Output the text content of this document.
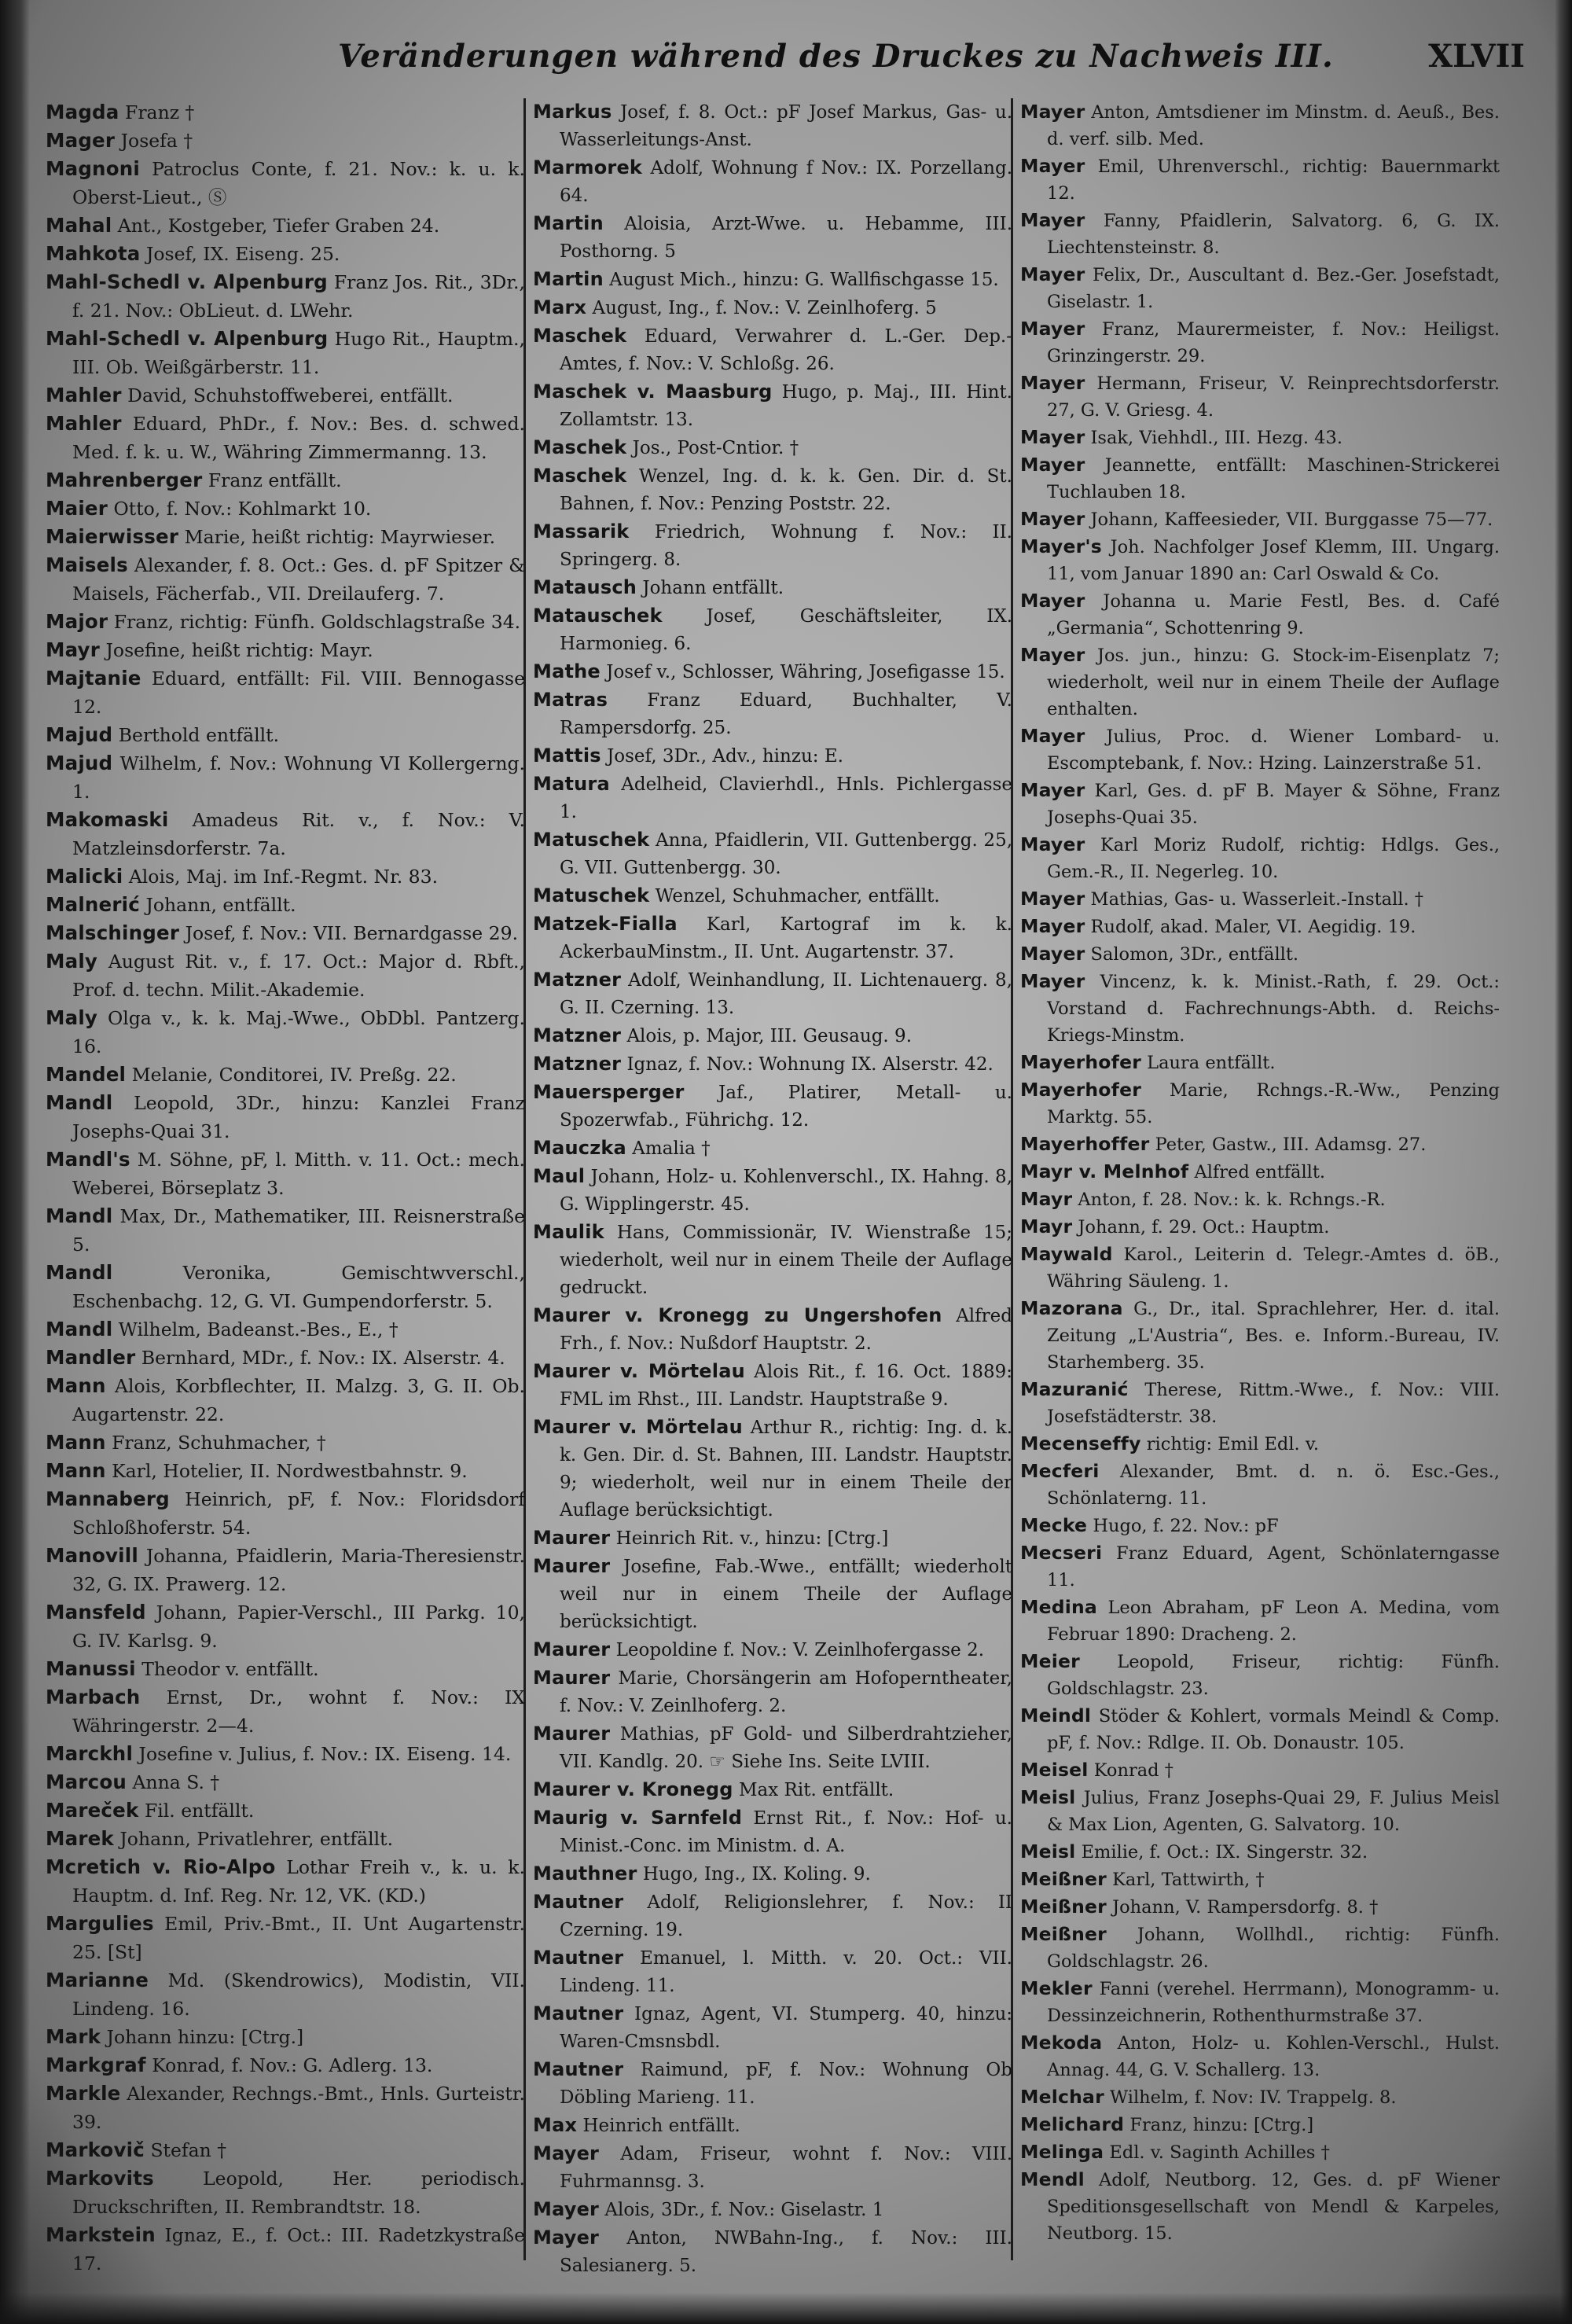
Veränderungen während des Druckes zu Nachweis III.	XLVII

Magda Franz †

Mager Josefa †

Magnoni Patroclus Conte, f. 21. Nov.: k. u. k. Oberst-Lieut., Ⓢ

Mahal Ant., Kostgeber, Tiefer Graben 24.

Mahkota Josef, IX. Eiseng. 25.

Mahl-Schedl v. Alpenburg Franz Jos. Rit., 3Dr., f. 21. Nov.: ObLieut. d. LWehr.

Mahl-Schedl v. Alpenburg Hugo Rit., Hauptm., III. Ob. Weißgärberstr. 11.

Mahler David, Schuhstoffweberei, entfällt.

Mahler Eduard, PhDr., f. Nov.: Bes. d. schwed. Med. f. k. u. W., Währing Zimmermanng. 13.

Mahrenberger Franz entfällt.

Maier Otto, f. Nov.: Kohlmarkt 10.

Maierwisser Marie, heißt richtig: Mayrwieser.

Maisels Alexander, f. 8. Oct.: Ges. d. pF Spitzer & Maisels, Fächerfab., VII. Dreilauferg. 7.

Major Franz, richtig: Fünfh. Goldschlagstraße 34.

Mayr Josefine, heißt richtig: Mayr.

Majtanie Eduard, entfällt: Fil. VIII. Bennogasse 12.

Majud Berthold entfällt.

Majud Wilhelm, f. Nov.: Wohnung VI Kollergerng. 1.

Makomaski Amadeus Rit. v., f. Nov.: V. Matzleinsdorferstr. 7a.

Malicki Alois, Maj. im Inf.-Regmt. Nr. 83.

Malnerić Johann, entfällt.

Malschinger Josef, f. Nov.: VII. Bernardgasse 29.

Maly August Rit. v., f. 17. Oct.: Major d. Rbft., Prof. d. techn. Milit.-Akademie.

Maly Olga v., k. k. Maj.-Wwe., ObDbl. Pantzerg. 16.

Mandel Melanie, Conditorei, IV. Preßg. 22.

Mandl Leopold, 3Dr., hinzu: Kanzlei Franz Josephs-Quai 31.

Mandl's M. Söhne, pF, l. Mitth. v. 11. Oct.: mech. Weberei, Börseplatz 3.

Mandl Max, Dr., Mathematiker, III. Reisnerstraße 5.

Mandl	Veronika, Gemischtwverschl., Eschenbachg. 12, G. VI. Gumpendorferstr. 5.

Mandl Wilhelm, Badeanst.-Bes., E., †

Mandler Bernhard, MDr., f. Nov.: IX. Alserstr. 4.

Mann Alois, Korbflechter, II. Malzg. 3, G. II. Ob. Augartenstr. 22.

Mann Franz, Schuhmacher, †

Mann Karl, Hotelier, II. Nordwestbahnstr. 9.

Mannaberg Heinrich, pF, f. Nov.: Floridsdorf Schloßhoferstr. 54.

Manovill Johanna, Pfaidlerin, Maria-Theresienstr. 32, G. IX. Prawerg. 12.

Mansfeld Johann, Papier-Verschl., III Parkg. 10, G. IV. Karlsg. 9.

Manussi Theodor v. entfällt.

Marbach Ernst, Dr., wohnt f. Nov.: IX Währingerstr. 2—4.

Marckhl Josefine v. Julius, f. Nov.: IX. Eiseng. 14.

Marcou Anna S. †

Mareček Fil. entfällt.

Marek Johann, Privatlehrer, entfällt.

Mcretich v. Rio-Alpo Lothar Freih v., k. u. k. Hauptm. d. Inf. Reg. Nr. 12, VK. (KD.)

Margulies Emil, Priv.-Bmt., II. Unt Augartenstr. 25. [St]

Marianne Md. (Skendrowics), Modistin, VII. Lindeng. 16.

Mark Johann hinzu: [Ctrg.]

Markgraf Konrad, f. Nov.: G. Adlerg. 13.

Markle Alexander, Rechngs.-Bmt., Hnls. Gurteistr. 39.

Markovič Stefan †

Markovits	Leopold, Her. periodisch. Druckschriften, II. Rembrandtstr. 18.

Markstein Ignaz, E., f. Oct.: III. Radetzkystraße 17.

Markus Josef, f. 8. Oct.: pF Josef Markus, Gas- u. Wasserleitungs-Anst.

Marmorek Adolf, Wohnung f Nov.: IX. Porzellang. 64.

Martin Aloisia, Arzt-Wwe. u. Hebamme, III. Posthorng. 5

Martin August Mich., hinzu: G. Wallfischgasse 15.

Marx August, Ing., f. Nov.: V. Zeinlhoferg. 5

Maschek Eduard, Verwahrer d. L.-Ger. Dep.-Amtes, f. Nov.: V. Schloßg. 26.

Maschek v. Maasburg Hugo, p. Maj., III. Hint. Zollamtstr. 13.

Maschek Jos., Post-Cntior. †

Maschek Wenzel, Ing. d. k. k. Gen. Dir. d. St. Bahnen, f. Nov.: Penzing Poststr. 22.

Massarik Friedrich, Wohnung f. Nov.: II. Springerg. 8.

Matausch Johann entfällt.

Matauschek Josef, Geschäftsleiter, IX. Harmonieg. 6.

Mathe Josef v., Schlosser, Währing, Josefigasse 15.

Matras Franz Eduard, Buchhalter, V. Rampersdorfg. 25.

Mattis Josef, 3Dr., Adv., hinzu: E.

Matura Adelheid, Clavierhdl., Hnls. Pichlergasse 1.

Matuschek Anna, Pfaidlerin, VII. Guttenbergg. 25, G. VII. Guttenbergg. 30.

Matuschek Wenzel, Schuhmacher, entfällt.

Matzek-Fialla Karl, Kartograf im k. k. AckerbauMinstm., II. Unt. Augartenstr. 37.

Matzner Adolf, Weinhandlung, II. Lichtenauerg. 8, G. II. Czerning. 13.

Matzner Alois, p. Major, III. Geusaug. 9.

Matzner Ignaz, f. Nov.: Wohnung IX. Alserstr. 42.

Mauersperger Jaf., Platirer, Metall- u. Spozerwfab., Führichg. 12.

Mauczka Amalia †

Maul Johann, Holz- u. Kohlenverschl., IX. Hahng. 8, G. Wipplingerstr. 45.

Maulik Hans, Commissionär, IV. Wienstraße 15; wiederholt, weil nur in einem Theile der Auflage gedruckt.

Maurer v. Kronegg zu Ungershofen Alfred Frh., f. Nov.: Nußdorf Hauptstr. 2.

Maurer v. Mörtelau Alois Rit., f. 16. Oct. 1889: FML im Rhst., III. Landstr. Hauptstraße 9.

Maurer v. Mörtelau Arthur R., richtig: Ing. d. k. k. Gen. Dir. d. St. Bahnen, III. Landstr. Hauptstr. 9; wiederholt, weil nur in einem Theile der Auflage berücksichtigt.

Maurer Heinrich Rit. v., hinzu: [Ctrg.]

Maurer Josefine, Fab.-Wwe., entfällt; wiederholt weil nur in einem Theile der Auflage berücksichtigt.

Maurer Leopoldine f. Nov.: V. Zeinlhofergasse 2.

Maurer Marie, Chorsängerin am Hofoperntheater, f. Nov.: V. Zeinlhoferg. 2.

Maurer Mathias, pF Gold- und Silberdrahtzieher, VII. Kandlg. 20. ☞ Siehe Ins. Seite LVIII.

Maurer v. Kronegg Max Rit. entfällt.

Maurig v. Sarnfeld Ernst Rit., f. Nov.: Hof- u. Minist.-Conc. im Ministm. d. A.

Mauthner Hugo, Ing., IX. Koling. 9.

Mautner Adolf, Religionslehrer, f. Nov.: II Czerning. 19.

Mautner Emanuel, l. Mitth. v. 20. Oct.: VII. Lindeng. 11.

Mautner Ignaz, Agent, VI. Stumperg. 40, hinzu: Waren-Cmsnsbdl.

Mautner Raimund, pF, f. Nov.: Wohnung Ob Döbling Marieng. 11.

Max Heinrich entfällt.

Mayer Adam, Friseur, wohnt f. Nov.: VIII. Fuhrmannsg. 3.

Mayer Alois, 3Dr., f. Nov.: Giselastr. 1

Mayer Anton, NWBahn-Ing., f. Nov.: III. Salesianerg. 5.

Mayer Anton, Amtsdiener im Minstm. d. Aeuß., Bes. d. verf. silb. Med.

Mayer Emil, Uhrenverschl., richtig: Bauernmarkt 12.

Mayer Fanny, Pfaidlerin, Salvatorg. 6, G. IX. Liechtensteinstr. 8.

Mayer Felix, Dr., Auscultant d. Bez.-Ger. Josefstadt, Giselastr. 1.

Mayer Franz, Maurermeister, f. Nov.: Heiligst. Grinzingerstr. 29.

Mayer Hermann, Friseur, V. Reinprechtsdorferstr. 27, G. V. Griesg. 4.

Mayer Isak, Viehhdl., III. Hezg. 43.

Mayer Jeannette, entfällt: Maschinen-Strickerei Tuchlauben 18.

Mayer Johann, Kaffeesieder, VII. Burggasse 75—77.

Mayer's Joh. Nachfolger Josef Klemm, III. Ungarg. 11, vom Januar 1890 an: Carl Oswald & Co.

Mayer Johanna u. Marie Festl, Bes. d. Café „Germania“, Schottenring 9.

Mayer Jos. jun., hinzu: G. Stock-im-Eisenplatz 7; wiederholt, weil nur in einem Theile der Auflage enthalten.

Mayer Julius, Proc. d. Wiener Lombard- u. Escomptebank, f. Nov.: Hzing. Lainzerstraße 51.

Mayer Karl, Ges. d. pF B. Mayer & Söhne, Franz Josephs-Quai 35.

Mayer Karl Moriz Rudolf, richtig: Hdlgs. Ges., Gem.-R., II. Negerleg. 10.

Mayer Mathias, Gas- u. Wasserleit.-Install. †

Mayer Rudolf, akad. Maler, VI. Aegidig. 19.

Mayer Salomon, 3Dr., entfällt.

Mayer Vincenz, k. k. Minist.-Rath, f. 29. Oct.: Vorstand d. Fachrechnungs-Abth. d. Reichs-Kriegs-Minstm.

Mayerhofer Laura entfällt.

Mayerhofer Marie, Rchngs.-R.-Ww., Penzing Marktg. 55.

Mayerhoffer Peter, Gastw., III. Adamsg. 27.

Mayr v. Melnhof Alfred entfällt.

Mayr Anton, f. 28. Nov.: k. k. Rchngs.-R.

Mayr Johann, f. 29. Oct.: Hauptm.

Maywald Karol., Leiterin d. Telegr.-Amtes d. öB., Währing Säuleng. 1.

Mazorana G., Dr., ital. Sprachlehrer, Her. d. ital. Zeitung „L'Austria“, Bes. e. Inform.-Bureau, IV. Starhemberg. 35.

Mazuranić Therese, Rittm.-Wwe., f. Nov.: VIII. Josefstädterstr. 38.

Mecenseffy richtig: Emil Edl. v.

Mecferi Alexander, Bmt. d. n. ö. Esc.-Ges., Schönlaterng. 11.

Mecke Hugo, f. 22. Nov.: pF

Mecseri Franz Eduard, Agent, Schönlaterngasse 11.

Medina Leon Abraham, pF Leon A. Medina, vom Februar 1890: Dracheng. 2.

Meier Leopold, Friseur, richtig: Fünfh. Goldschlagstr. 23.

Meindl Stöder & Kohlert, vormals Meindl & Comp. pF, f. Nov.: Rdlge. II. Ob. Donaustr. 105.

Meisel Konrad †

Meisl Julius, Franz Josephs-Quai 29, F. Julius Meisl & Max Lion, Agenten, G. Salvatorg. 10.

Meisl Emilie, f. Oct.: IX. Singerstr. 32.

Meißner Karl, Tattwirth, †

Meißner Johann, V. Rampersdorfg. 8. †

Meißner Johann, Wollhdl., richtig: Fünfh. Goldschlagstr. 26.

Mekler Fanni (verehel. Herrmann), Monogramm- u. Dessinzeichnerin, Rothenthurmstraße 37.

Mekoda Anton, Holz- u. Kohlen-Verschl., Hulst. Annag. 44, G. V. Schallerg. 13.

Melchar Wilhelm, f. Nov: IV. Trappelg. 8.

Melichard Franz, hinzu: [Ctrg.]

Melinga Edl. v. Saginth Achilles †

Mendl Adolf, Neutborg. 12, Ges. d. pF Wiener Speditionsgesellschaft von Mendl & Karpeles, Neutborg. 15.
